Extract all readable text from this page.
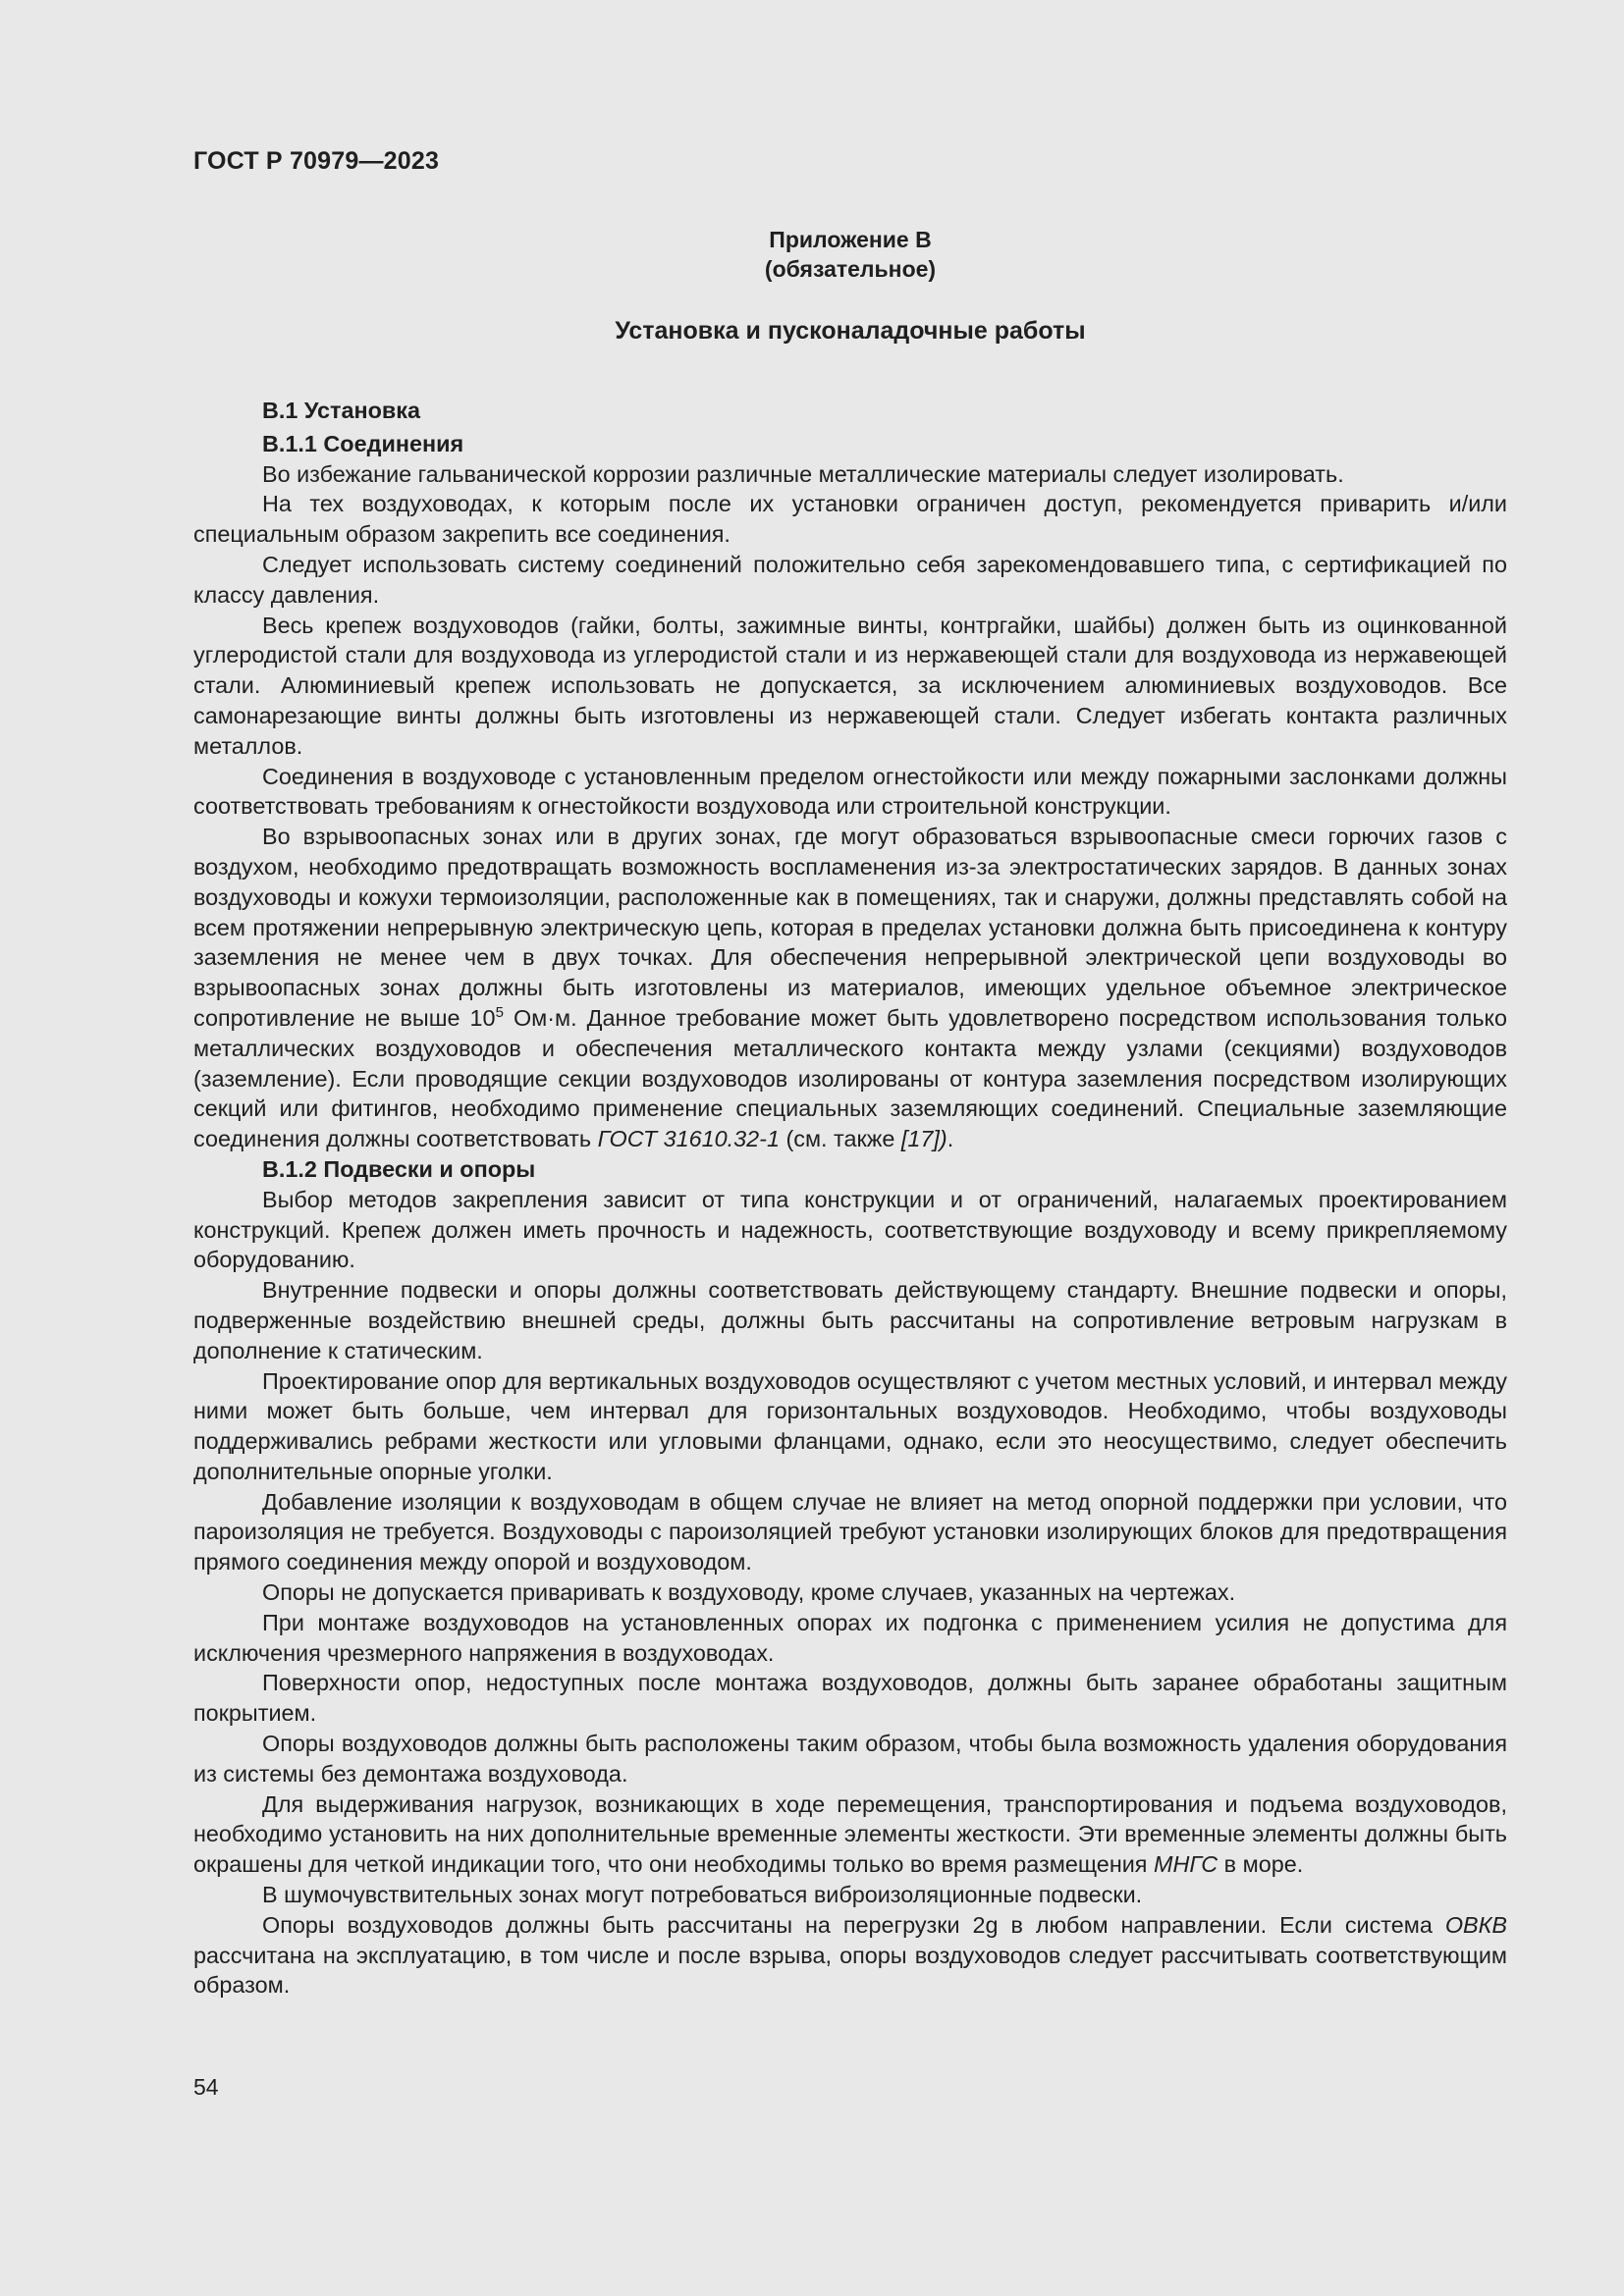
ГОСТ Р 70979—2023
Приложение В
(обязательное)
Установка и пусконаладочные работы
В.1 Установка
В.1.1 Соединения

Во избежание гальванической коррозии различные металлические материалы следует изолировать.

На тех воздуховодах, к которым после их установки ограничен доступ, рекомендуется приварить и/или специальным образом закрепить все соединения.

Следует использовать систему соединений положительно себя зарекомендовавшего типа, с сертификацией по классу давления.

Весь крепеж воздуховодов (гайки, болты, зажимные винты, контргайки, шайбы) должен быть из оцинкованной углеродистой стали для воздуховода из углеродистой стали и из нержавеющей стали для воздуховода из нержавеющей стали. Алюминиевый крепеж использовать не допускается, за исключением алюминиевых воздуховодов. Все самонарезающие винты должны быть изготовлены из нержавеющей стали. Следует избегать контакта различных металлов.

Соединения в воздуховоде с установленным пределом огнестойкости или между пожарными заслонками должны соответствовать требованиям к огнестойкости воздуховода или строительной конструкции.

Во взрывоопасных зонах или в других зонах, где могут образоваться взрывоопасные смеси горючих газов с воздухом, необходимо предотвращать возможность воспламенения из-за электростатических зарядов. В данных зонах воздуховоды и кожухи термоизоляции, расположенные как в помещениях, так и снаружи, должны представлять собой на всем протяжении непрерывную электрическую цепь, которая в пределах установки должна быть присоединена к контуру заземления не менее чем в двух точках. Для обеспечения непрерывной электрической цепи воздуховоды во взрывоопасных зонах должны быть изготовлены из материалов, имеющих удельное объемное электрическое сопротивление не выше $10^5$ Ом·м. Данное требование может быть удовлетворено посредством использования только металлических воздуховодов и обеспечения металлического контакта между узлами (секциями) воздуховодов (заземление). Если проводящие секции воздуховодов изолированы от контура заземления посредством изолирующих секций или фитингов, необходимо применение специальных заземляющих соединений. Специальные заземляющие соединения должны соответствовать ГОСТ 31610.32-1 (см. также [17]).

В.1.2 Подвески и опоры

Выбор методов закрепления зависит от типа конструкции и от ограничений, налагаемых проектированием конструкций. Крепеж должен иметь прочность и надежность, соответствующие воздуховоду и всему прикрепляемому оборудованию.

Внутренние подвески и опоры должны соответствовать действующему стандарту. Внешние подвески и опоры, подверженные воздействию внешней среды, должны быть рассчитаны на сопротивление ветровым нагрузкам в дополнение к статическим.

Проектирование опор для вертикальных воздуховодов осуществляют с учетом местных условий, и интервал между ними может быть больше, чем интервал для горизонтальных воздуховодов. Необходимо, чтобы воздуховоды поддерживались ребрами жесткости или угловыми фланцами, однако, если это неосуществимо, следует обеспечить дополнительные опорные уголки.

Добавление изоляции к воздуховодам в общем случае не влияет на метод опорной поддержки при условии, что пароизоляция не требуется. Воздуховоды с пароизоляцией требуют установки изолирующих блоков для предотвращения прямого соединения между опорой и воздуховодом.

Опоры не допускается приваривать к воздуховоду, кроме случаев, указанных на чертежах.

При монтаже воздуховодов на установленных опорах их подгонка с применением усилия не допустима для исключения чрезмерного напряжения в воздуховодах.

Поверхности опор, недоступных после монтажа воздуховодов, должны быть заранее обработаны защитным покрытием.

Опоры воздуховодов должны быть расположены таким образом, чтобы была возможность удаления оборудования из системы без демонтажа воздуховода.

Для выдерживания нагрузок, возникающих в ходе перемещения, транспортирования и подъема воздуховодов, необходимо установить на них дополнительные временные элементы жесткости. Эти временные элементы должны быть окрашены для четкой индикации того, что они необходимы только во время размещения МНГС в море.

В шумочувствительных зонах могут потребоваться виброизоляционные подвески.

Опоры воздуховодов должны быть рассчитаны на перегрузки 2g в любом направлении. Если система ОВКВ рассчитана на эксплуатацию, в том числе и после взрыва, опоры воздуховодов следует рассчитывать соответствующим образом.

54
